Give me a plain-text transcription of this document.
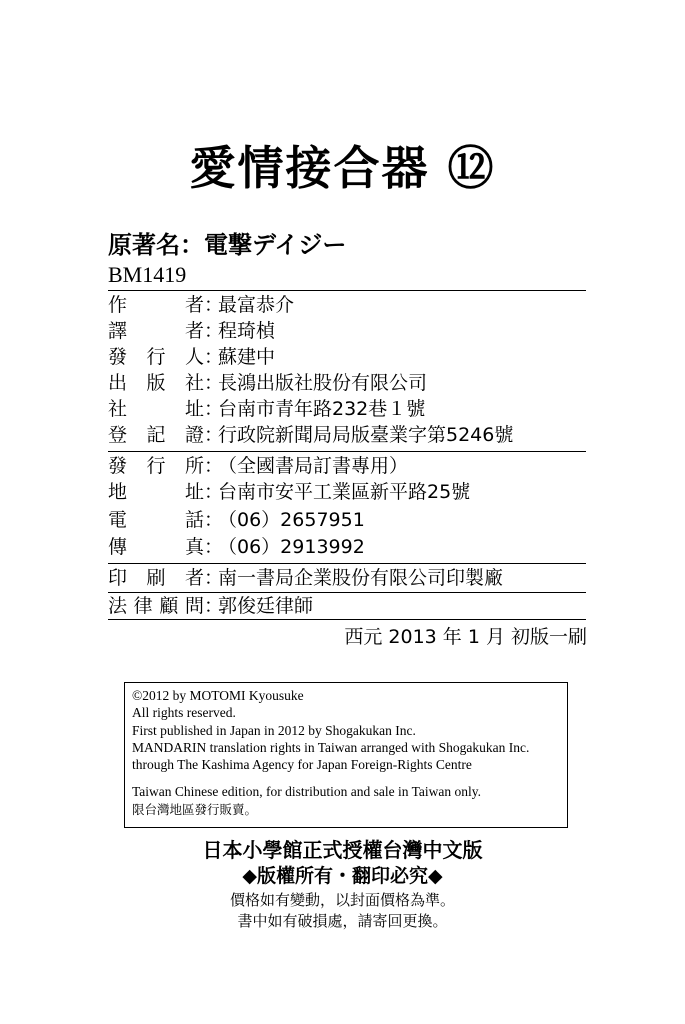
愛情接合器 ⑫
原著名：電撃デイジー
BM1419
作者：最富恭介
譯者：程琦楨
發行人：蘇建中
出版社：長鴻出版社股份有限公司
社址：台南市青年路232巷１號
登記證：行政院新聞局局版臺業字第5246號
發行所：（全國書局訂書專用）
地址：台南市安平工業區新平路25號
電話：（06）2657951
傳真：（06）2913992
印刷者：南一書局企業股份有限公司印製廠
法律顧問：郭俊廷律師
西元 2013 年 1 月 初版一刷
©2012 by MOTOMI Kyousuke
All rights reserved.
First published in Japan in 2012 by Shogakukan Inc.
MANDARIN translation rights in Taiwan arranged with Shogakukan Inc.
through The Kashima Agency for Japan Foreign-Rights Centre
Taiwan Chinese edition, for distribution and sale in Taiwan only.
限台灣地區發行販賣。
日本小學館正式授權台灣中文版
◆版權所有・翻印必究◆
價格如有變動，以封面價格為準。
書中如有破損處，請寄回更換。
